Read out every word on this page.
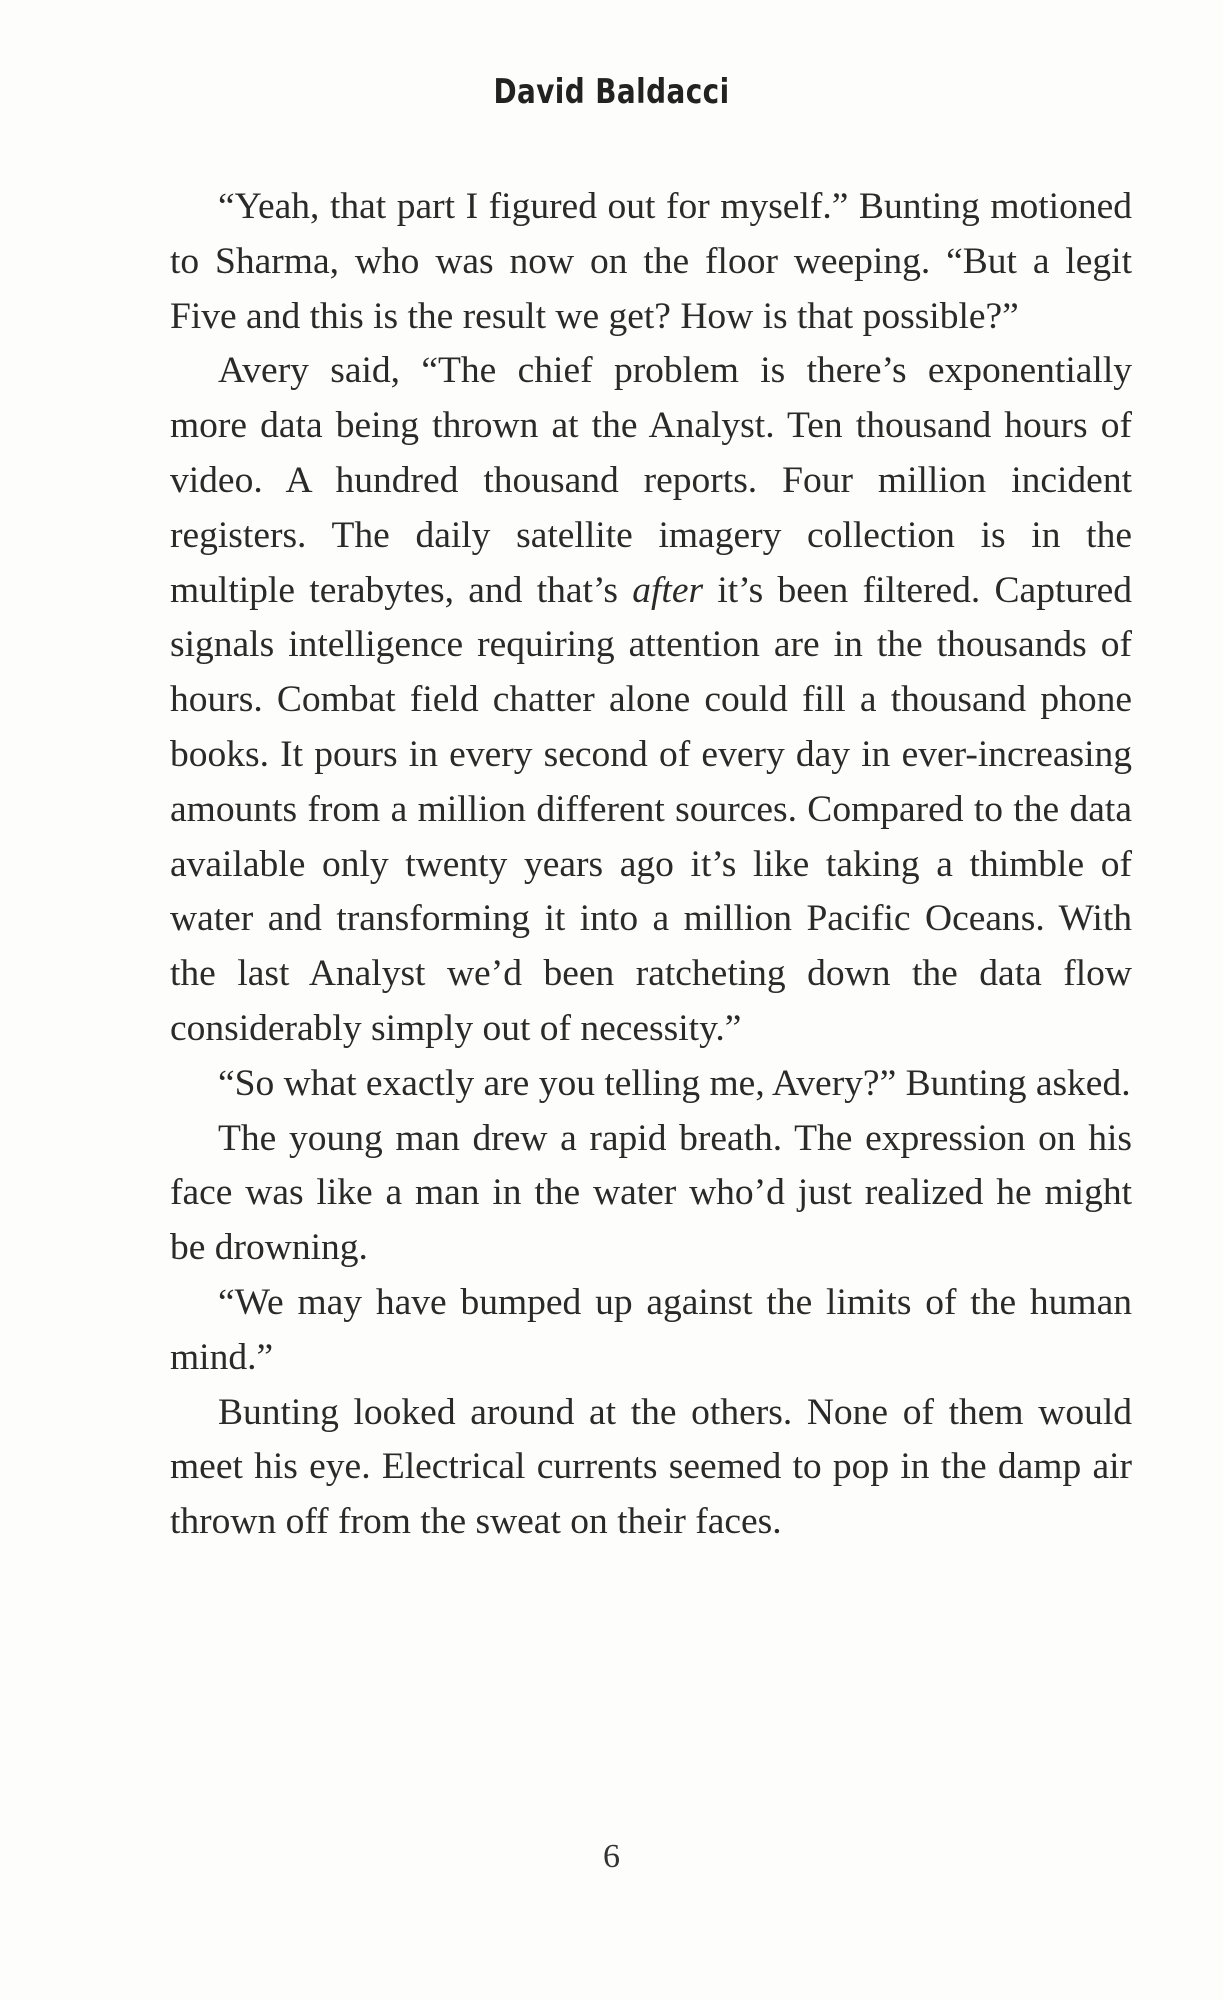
David Baldacci

“Yeah, that part I figured out for myself.” Bunting motioned to Sharma, who was now on the floor weeping. “But a legit Five and this is the result we get? How is that possible?”

Avery said, “The chief problem is there’s exponentially more data being thrown at the Analyst. Ten thousand hours of video. A hundred thousand reports. Four million incident registers. The daily satellite imagery collection is in the multiple terabytes, and that’s after it’s been filtered. Captured signals intelligence requiring attention are in the thousands of hours. Combat field chatter alone could fill a thousand phone books. It pours in every second of every day in ever-increasing amounts from a million different sources. Compared to the data available only twenty years ago it’s like taking a thimble of water and transforming it into a million Pacific Oceans. With the last Analyst we’d been ratcheting down the data flow considerably simply out of necessity.”

“So what exactly are you telling me, Avery?” Bunting asked.

The young man drew a rapid breath. The expression on his face was like a man in the water who’d just realized he might be drowning.

“We may have bumped up against the limits of the human mind.”

Bunting looked around at the others. None of them would meet his eye. Electrical currents seemed to pop in the damp air thrown off from the sweat on their faces.

6
